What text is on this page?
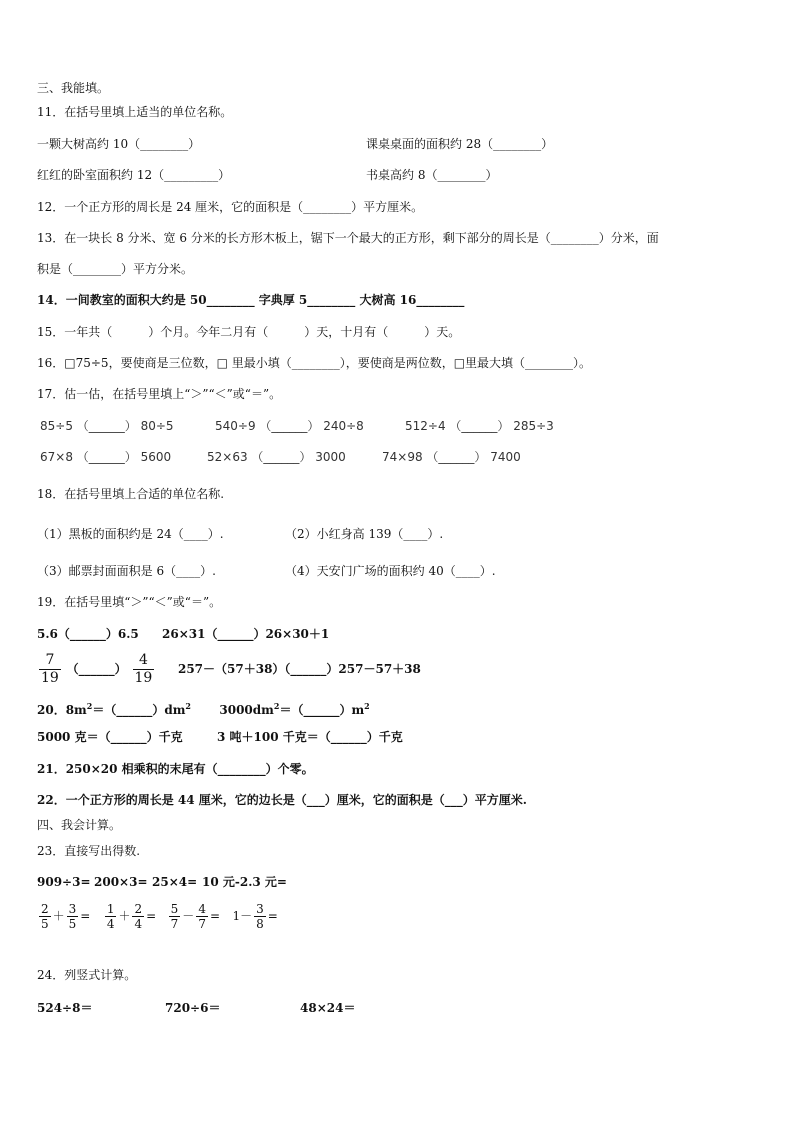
三、我能填。
11．在括号里填上适当的单位名称。
一颗大树高约 10（________）	课桌桌面的面积约 28（________）
红红的卧室面积约 12（_________）	书桌高约 8（________）
12．一个正方形的周长是 24 厘米，它的面积是（________）平方厘米。
13．在一块长 8 分米、宽 6 分米的长方形木板上，锯下一个最大的正方形，剩下部分的周长是（________）分米，面
积是（________）平方分米。
14．一间教室的面积大约是 50________ 字典厚 5________ 大树高 16________
15．一年共（　　　）个月。今年二月有（　　　）天，十月有（　　　）天。
16．□75÷5，要使商是三位数，□ 里最小填（________），要使商是两位数，□里最大填（________）。
17．估一估，在括号里填上“＞”“＜”或“＝”。
85÷5 （______） 80÷5	540÷9 （______） 240÷8	512÷4 （______） 285÷3
67×8 （______） 5600	52×63 （______） 3000	74×98 （______） 7400
18．在括号里填上合适的单位名称.
（1）黑板的面积约是 24（____）.	（2）小红身高 139（____）.
（3）邮票封面面积是 6（____）.	（4）天安门广场的面积约 40（____）.
19．在括号里填“＞”“＜”或“＝”。
5.6（______）6.5 26×31（______）26×30＋1
$\frac{7}{19}$ （______） $\frac{4}{19}$ 257－（57＋38）（______）257－57＋38
20．$8m^2=(\_\_\_\_\_\_)dm^2$ $3000dm^2=(\_\_\_\_\_\_)m^2$
5000 克＝（______）千克	3 吨＋100 千克＝（______）千克
21．250×20 相乘积的末尾有（________）个零。
22．一个正方形的周长是 44 厘米，它的边长是（___）厘米，它的面积是（___）平方厘米.
四、我会计算。
23．直接写出得数.
909÷3= 200×3= 25×4= 10 元-2.3 元=
$\frac{2}{5} + \frac{3}{5} = \frac{1}{4} + \frac{2}{4} = \frac{5}{7} - \frac{4}{7} = 1- \frac{3}{8}$ =
24．列竖式计算。
524÷8＝	720÷6＝	48×24＝
